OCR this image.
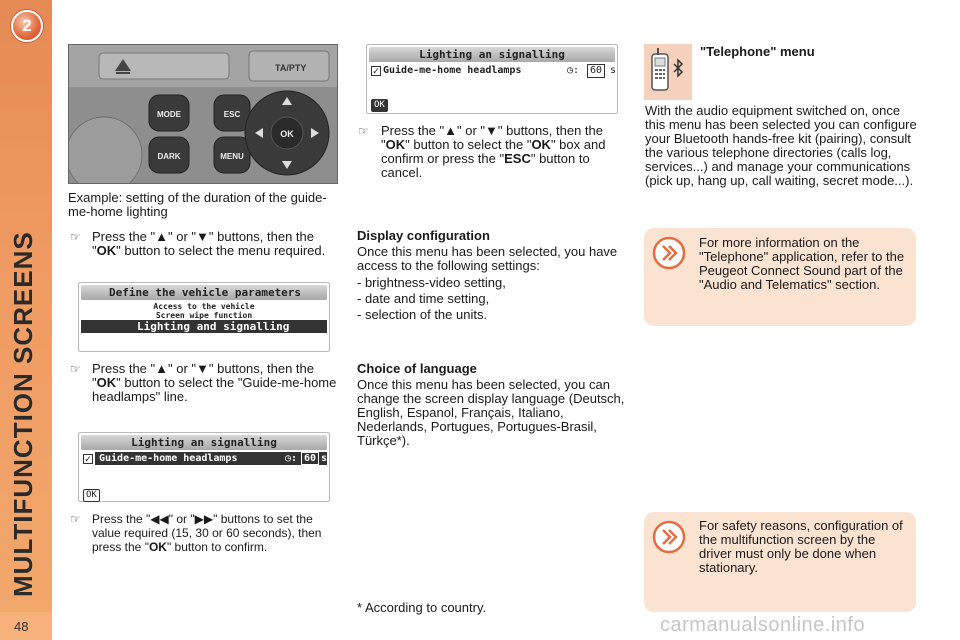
2
MULTIFUNCTION SCREENS
48
TA/PTY
MODE
DARK
ESC
MENU
OK
Example: setting of the duration of the guide-me-home lighting
☞ Press the "▲" or "▼" buttons, then the "OK" button to select the menu required.
Define the vehicle parameters
Access to the vehicle
Screen wipe function
Lighting and signalling
☞ Press the "▲" or "▼" buttons, then the "OK" button to select the "Guide-me-home headlamps" line.
Lighting an signalling
✓ Guide-me-home headlamps	◷: 60 s
OK
☞ Press the "◀◀" or "▶▶" buttons to set the value required (15, 30 or 60 seconds), then press the "OK" button to confirm.
Lighting an signalling
✓ Guide-me-home headlamps	◷:	60 s
OK
☞ Press the "▲" or "▼" buttons, then the "OK" button to select the "OK" box and confirm or press the "ESC" button to cancel.
Display configuration
Once this menu has been selected, you have access to the following settings:
- brightness-video setting,
- date and time setting,
- selection of the units.
Choice of language
Once this menu has been selected, you can change the screen display language (Deutsch, English, Espanol, Français, Italiano, Nederlands, Portugues, Portugues-Brasil, Türkçe*).
* According to country.
"Telephone" menu
With the audio equipment switched on, once this menu has been selected you can configure your Bluetooth hands-free kit (pairing), consult the various telephone directories (calls log, services...) and manage your communications (pick up, hang up, call waiting, secret mode...).
For more information on the "Telephone" application, refer to the Peugeot Connect Sound part of the "Audio and Telematics" section.
For safety reasons, configuration of the multifunction screen by the driver must only be done when stationary.
carmanualsonline.info
